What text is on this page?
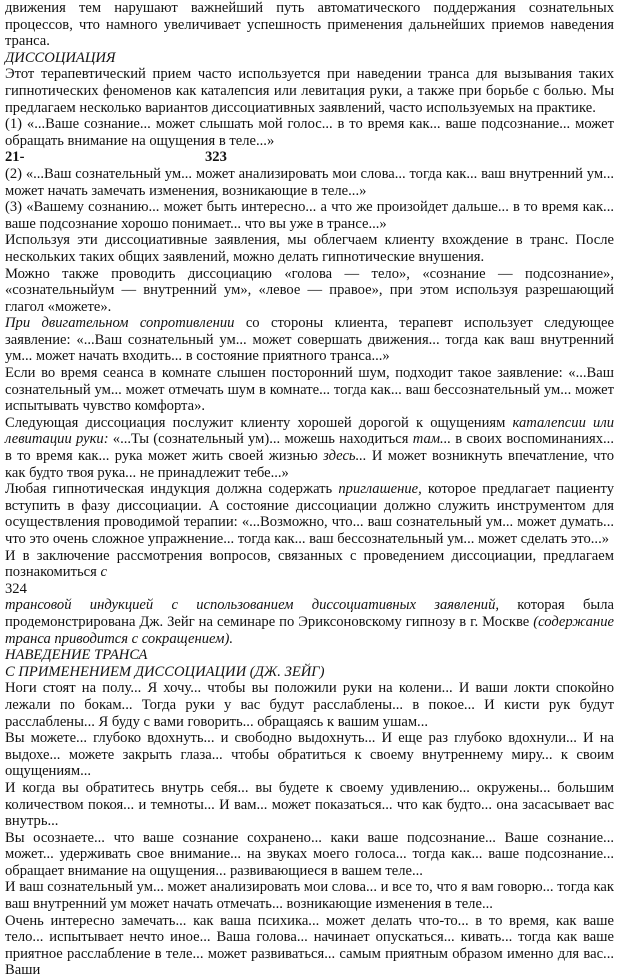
движения тем нарушают важнейший путь автоматического поддержания сознательных процессов, что намного увеличивает успешность применения дальнейших приемов наведения транса.

ДИССОЦИАЦИЯ

Этот терапевтический прием часто используется при наведении транса для вызывания таких гипнотических феноменов как каталепсия или левитация руки, а также при борьбе с болью. Мы предлагаем несколько вариантов диссоциативных заявлений, часто используемых на практике.

(1) «...Ваше сознание... может слышать мой голос... в то время как... ваше подсознание... может обращать внимание на ощущения в теле...»

21-	323

(2) «...Ваш сознательный ум... может анализировать мои слова... тогда как... ваш внутренний ум... может начать замечать изменения, возникающие в теле...»

(3) «Вашему сознанию... может быть интересно... а что же произойдет дальше... в то время как... ваше подсознание хорошо понимает... что вы уже в трансе...»

Используя эти диссоциативные заявления, мы облегчаем клиенту вхождение в транс. После нескольких таких общих заявлений, можно делать гипнотические внушения.

Можно также проводить диссоциацию «голова — тело», «сознание — подсознание», «сознательныйум — внутренний ум», «левое — правое», при этом используя разрешающий глагол «можете».

При двигательном сопротивлении со стороны клиента, терапевт использует следующее заявление: «...Ваш сознательный ум... может совершать движения... тогда как ваш внутренний ум... может начать входить... в состояние приятного транса...»

Если во время сеанса в комнате слышен посторонний шум, подходит такое заявление: «...Ваш сознательный ум... может отмечать шум в комнате... тогда как... ваш бессознательный ум... может испытывать чувство комфорта».

Следующая диссоциация послужит клиенту хорошей дорогой к ощущениям каталепсии или левитации руки: «...Ты (сознательный ум)... можешь находиться там... в своих воспоминаниях... в то время как... рука может жить своей жизнью здесь... И может возникнуть впечатление, что как будто твоя рука... не принадлежит тебе...»

Любая гипнотическая индукция должна содержать приглашение, которое предлагает пациенту вступить в фазу диссоциации. А состояние диссоциации должно служить инструментом для осуществления проводимой терапии: «...Возможно, что... ваш сознательный ум... может думать... что это очень сложное упражнение... тогда как... ваш бессознательный ум... может сделать это...»

И в заключение рассмотрения вопросов, связанных с проведением диссоциации, предлагаем познакомиться с

324

трансовой индукцией с использованием диссоциативных заявлений, которая была продемонстрирована Дж. Зейг на семинаре по Эриксоновскому гипнозу в г. Москве (содержание транса приводится с сокращением).

НАВЕДЕНИЕ ТРАНСА

С ПРИМЕНЕНИЕМ ДИССОЦИАЦИИ (ДЖ. ЗЕЙГ)

Ноги стоят на полу... Я хочу... чтобы вы положили руки на колени... И ваши локти спокойно лежали по бокам... Тогда руки у вас будут расслаблены... в покое... И кисти рук будут расслаблены... Я буду с вами говорить... обращаясь к вашим ушам...

Вы можете... глубоко вдохнуть... и свободно выдохнуть... И еще раз глубоко вдохнули... И на выдохе... можете закрыть глаза... чтобы обратиться к своему внутреннему миру... к своим ощущениям...

И когда вы обратитесь внутрь себя... вы будете к своему удивлению... окружены... большим количеством покоя... и темноты... И вам... может показаться... что как будто... она засасывает вас внутрь...

Вы осознаете... что ваше сознание сохранено... каки ваше подсознание... Ваше сознание... может... удерживать свое внимание... на звуках моего голоса... тогда как... ваше подсознание... обращает внимание на ощущения... развивающиеся в вашем теле...

И ваш сознательный ум... может анализировать мои слова... и все то, что я вам говорю... тогда как ваш внутренний ум может начать отмечать... возникающие изменения в теле...

Очень интересно замечать... как ваша психика... может делать что-то... в то время, как ваше тело... испытывает нечто иное... Ваша голова... начинает опускаться... кивать... тогда как ваше приятное расслабление в теле... может развиваться... самым приятным образом именно для вас... Ваши
